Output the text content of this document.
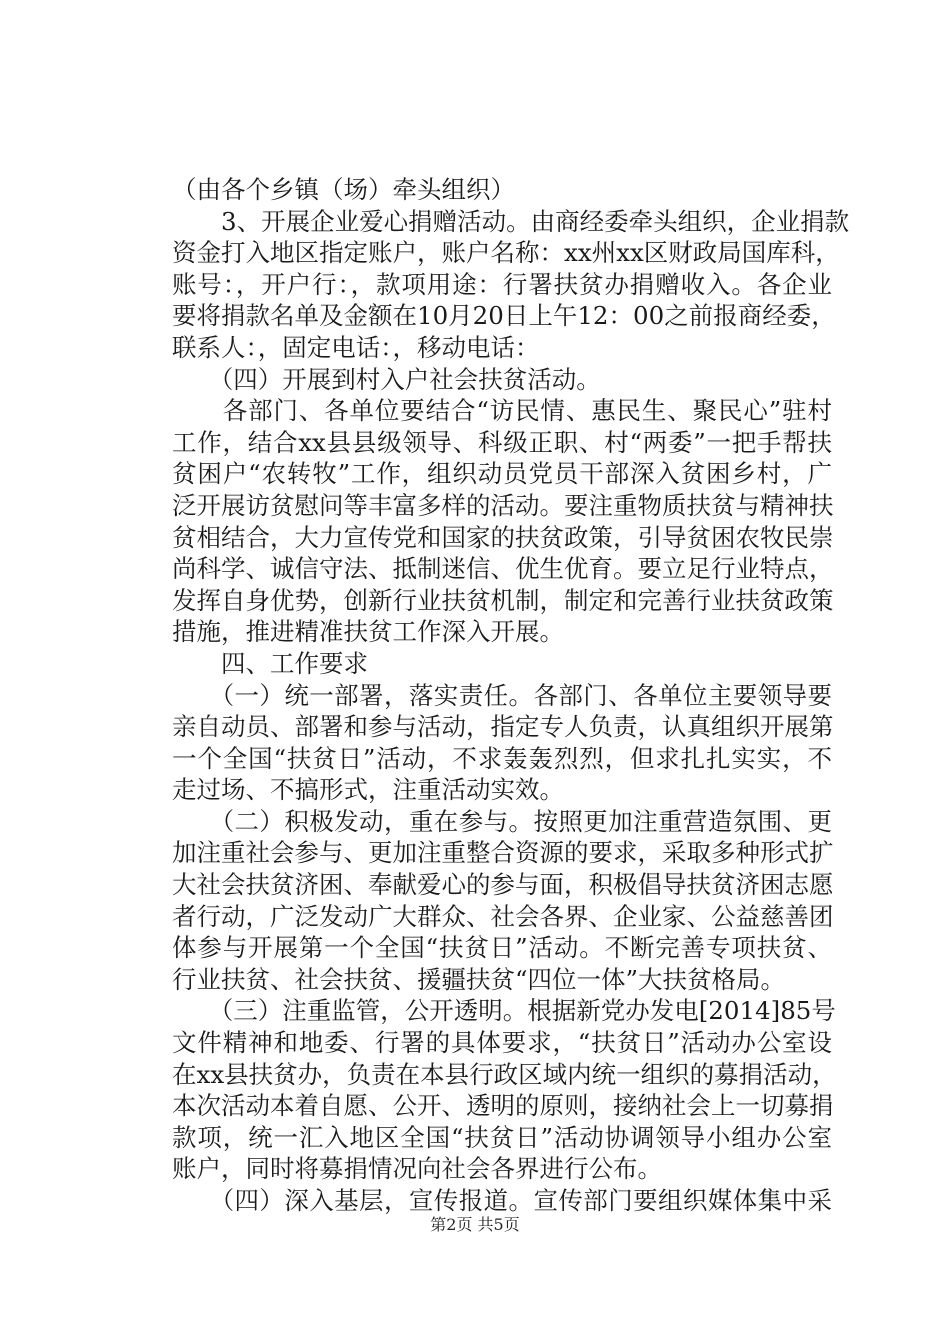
（由各个乡镇（场）牵头组织）
　　3、开展企业爱心捐赠活动。由商经委牵头组织，企业捐款
资金打入地区指定账户，账户名称：xx州xx区财政局国库科，
账号：，开户行：，款项用途：行署扶贫办捐赠收入。各企业
要将捐款名单及金额在10月20日上午12：00之前报商经委，
联系人：，固定电话：，移动电话：
　　（四）开展到村入户社会扶贫活动。
　　各部门、各单位要结合“访民情、惠民生、聚民心”驻村
工作，结合xx县县级领导、科级正职、村“两委”一把手帮扶
贫困户“农转牧”工作，组织动员党员干部深入贫困乡村，广
泛开展访贫慰问等丰富多样的活动。要注重物质扶贫与精神扶
贫相结合，大力宣传党和国家的扶贫政策，引导贫困农牧民崇
尚科学、诚信守法、抵制迷信、优生优育。要立足行业特点，
发挥自身优势，创新行业扶贫机制，制定和完善行业扶贫政策
措施，推进精准扶贫工作深入开展。
　　四、工作要求
　　（一）统一部署，落实责任。各部门、各单位主要领导要
亲自动员、部署和参与活动，指定专人负责，认真组织开展第
一个全国“扶贫日”活动，不求轰轰烈烈，但求扎扎实实，不
走过场、不搞形式，注重活动实效。
　　（二）积极发动，重在参与。按照更加注重营造氛围、更
加注重社会参与、更加注重整合资源的要求，采取多种形式扩
大社会扶贫济困、奉献爱心的参与面，积极倡导扶贫济困志愿
者行动，广泛发动广大群众、社会各界、企业家、公益慈善团
体参与开展第一个全国“扶贫日”活动。不断完善专项扶贫、
行业扶贫、社会扶贫、援疆扶贫“四位一体”大扶贫格局。
　　（三）注重监管，公开透明。根据新党办发电[2014]85号
文件精神和地委、行署的具体要求，“扶贫日”活动办公室设
在xx县扶贫办，负责在本县行政区域内统一组织的募捐活动，
本次活动本着自愿、公开、透明的原则，接纳社会上一切募捐
款项，统一汇入地区全国“扶贫日”活动协调领导小组办公室
账户，同时将募捐情况向社会各界进行公布。
　　（四）深入基层，宣传报道。宣传部门要组织媒体集中采
第2页 共5页
